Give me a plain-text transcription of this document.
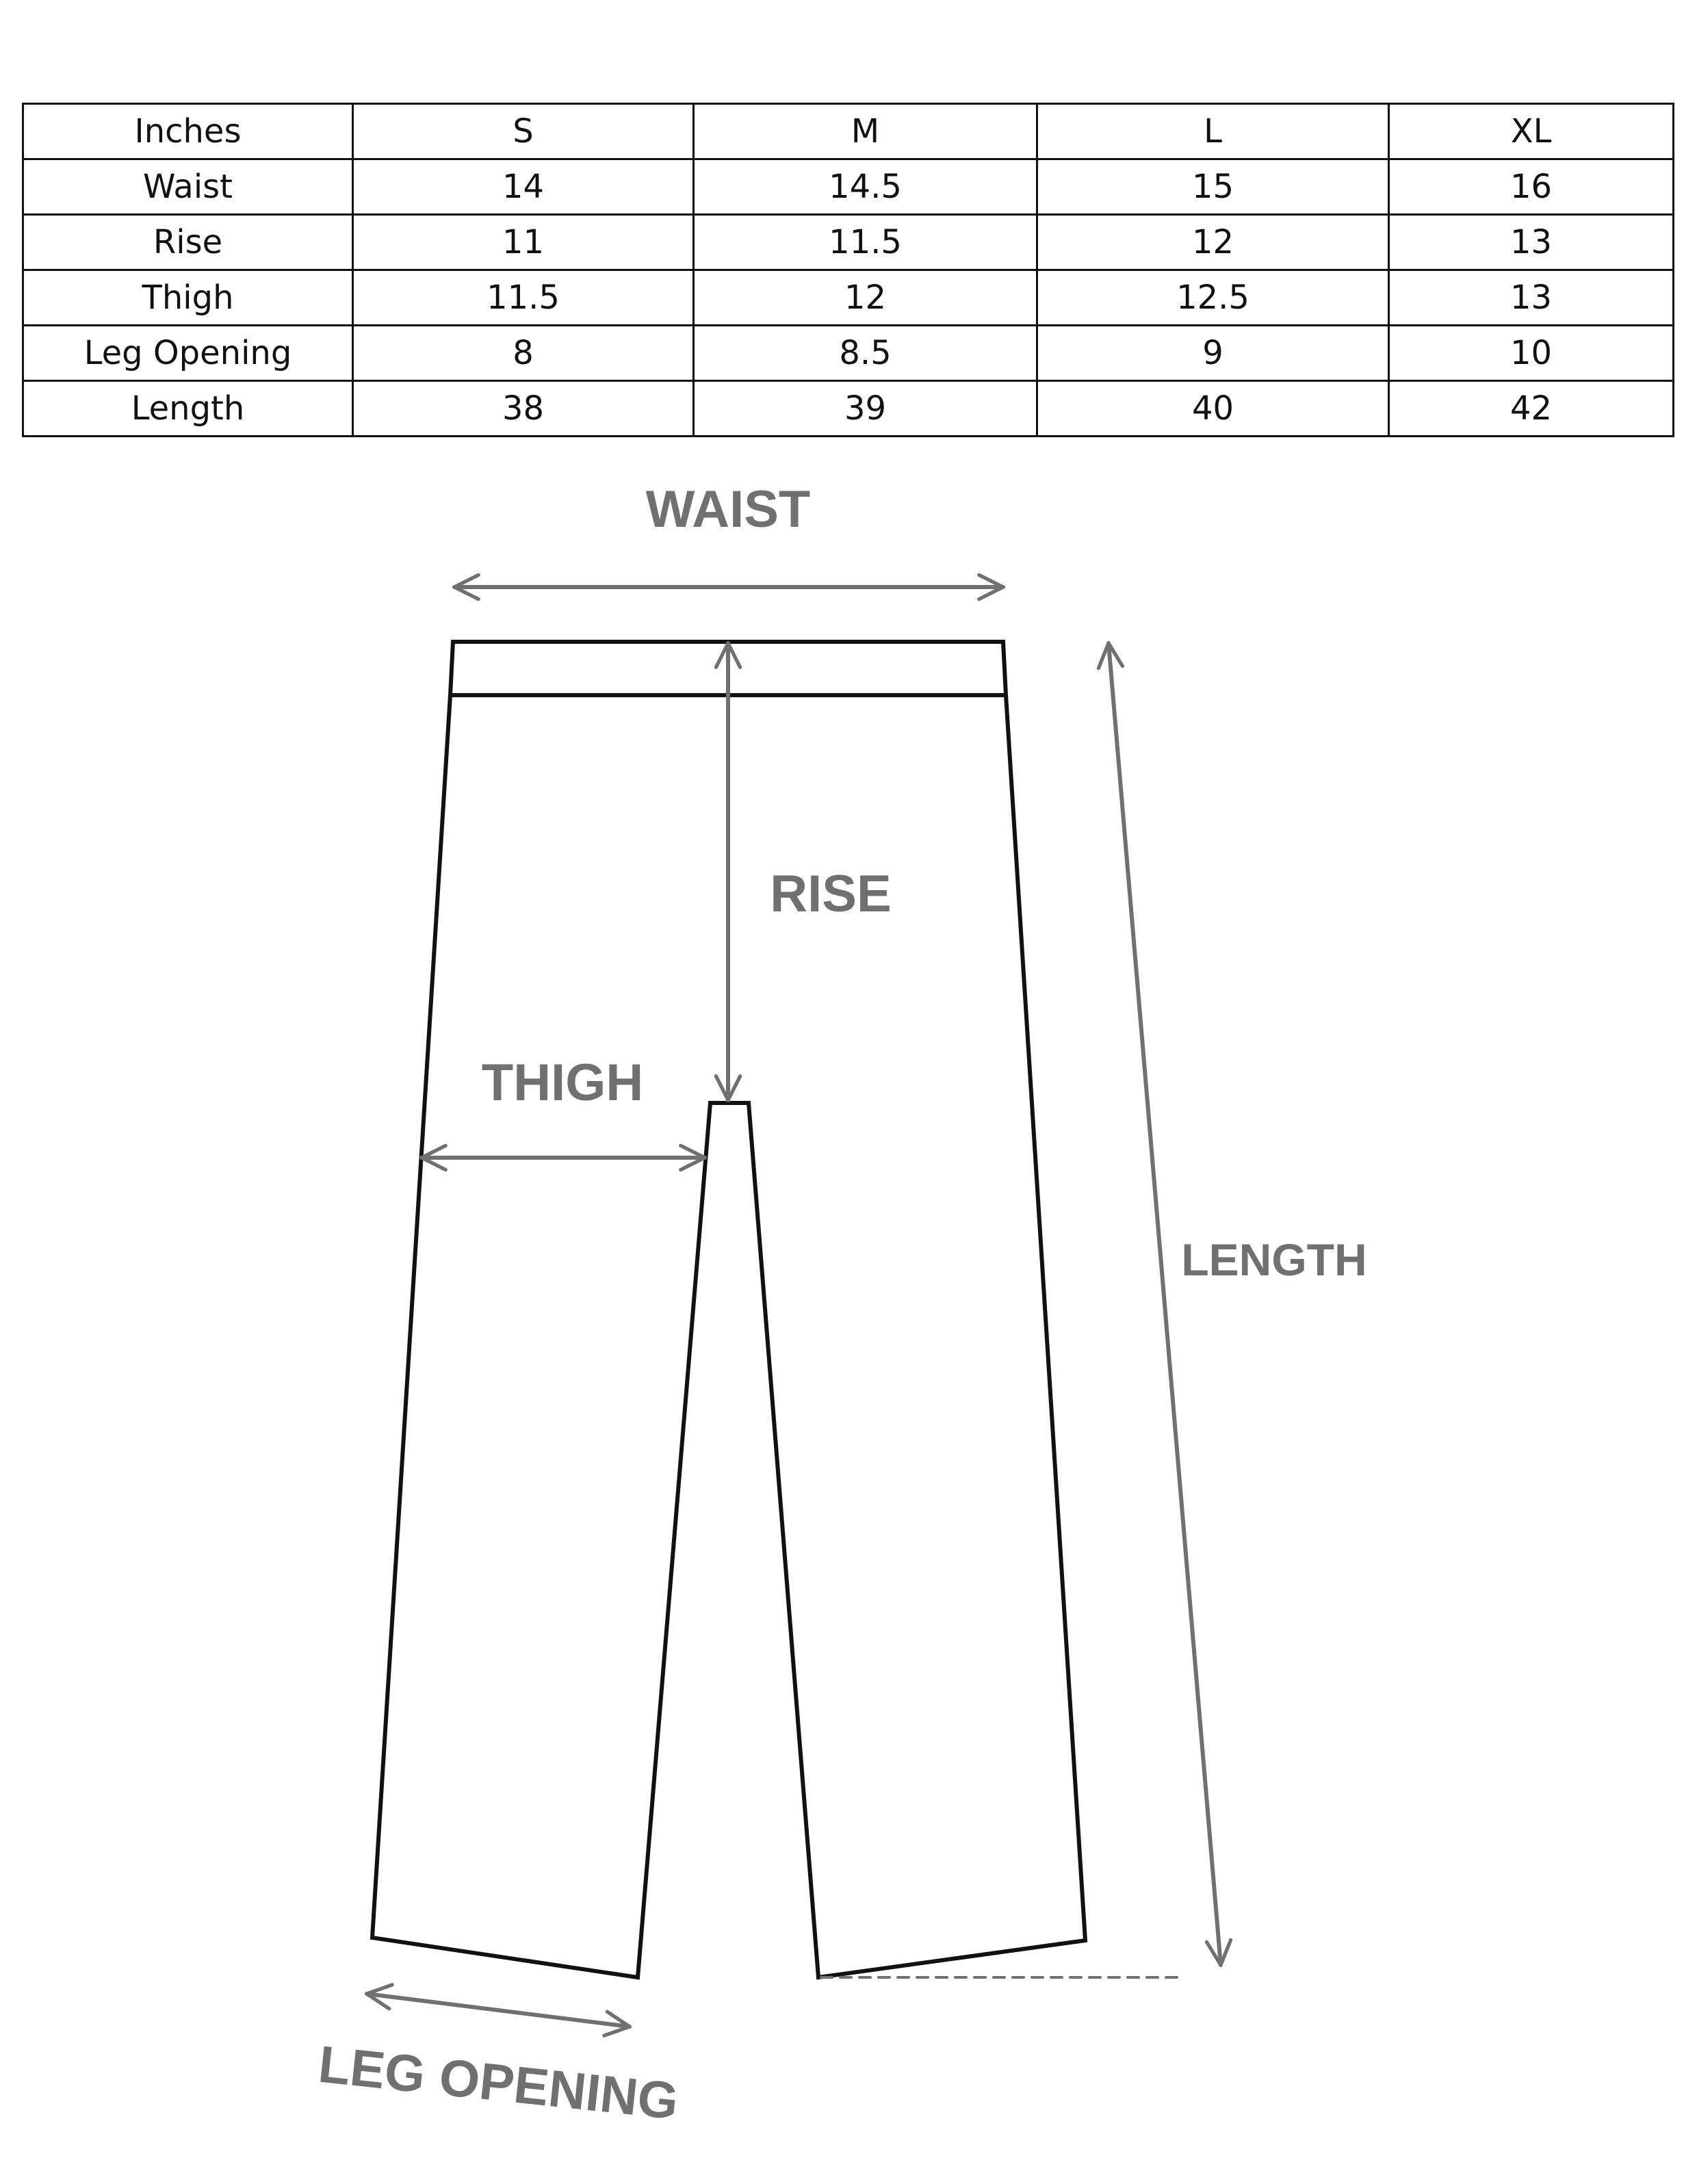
Inches	S	M	L	XL
Waist	14	14.5	15	16
Rise	11	11.5	12	13
Thigh	11.5	12	12.5	13
Leg Opening	8	8.5	9	10
Length	38	39	40	42
WAIST
RISE
THIGH
LENGTH
LEG OPENING
